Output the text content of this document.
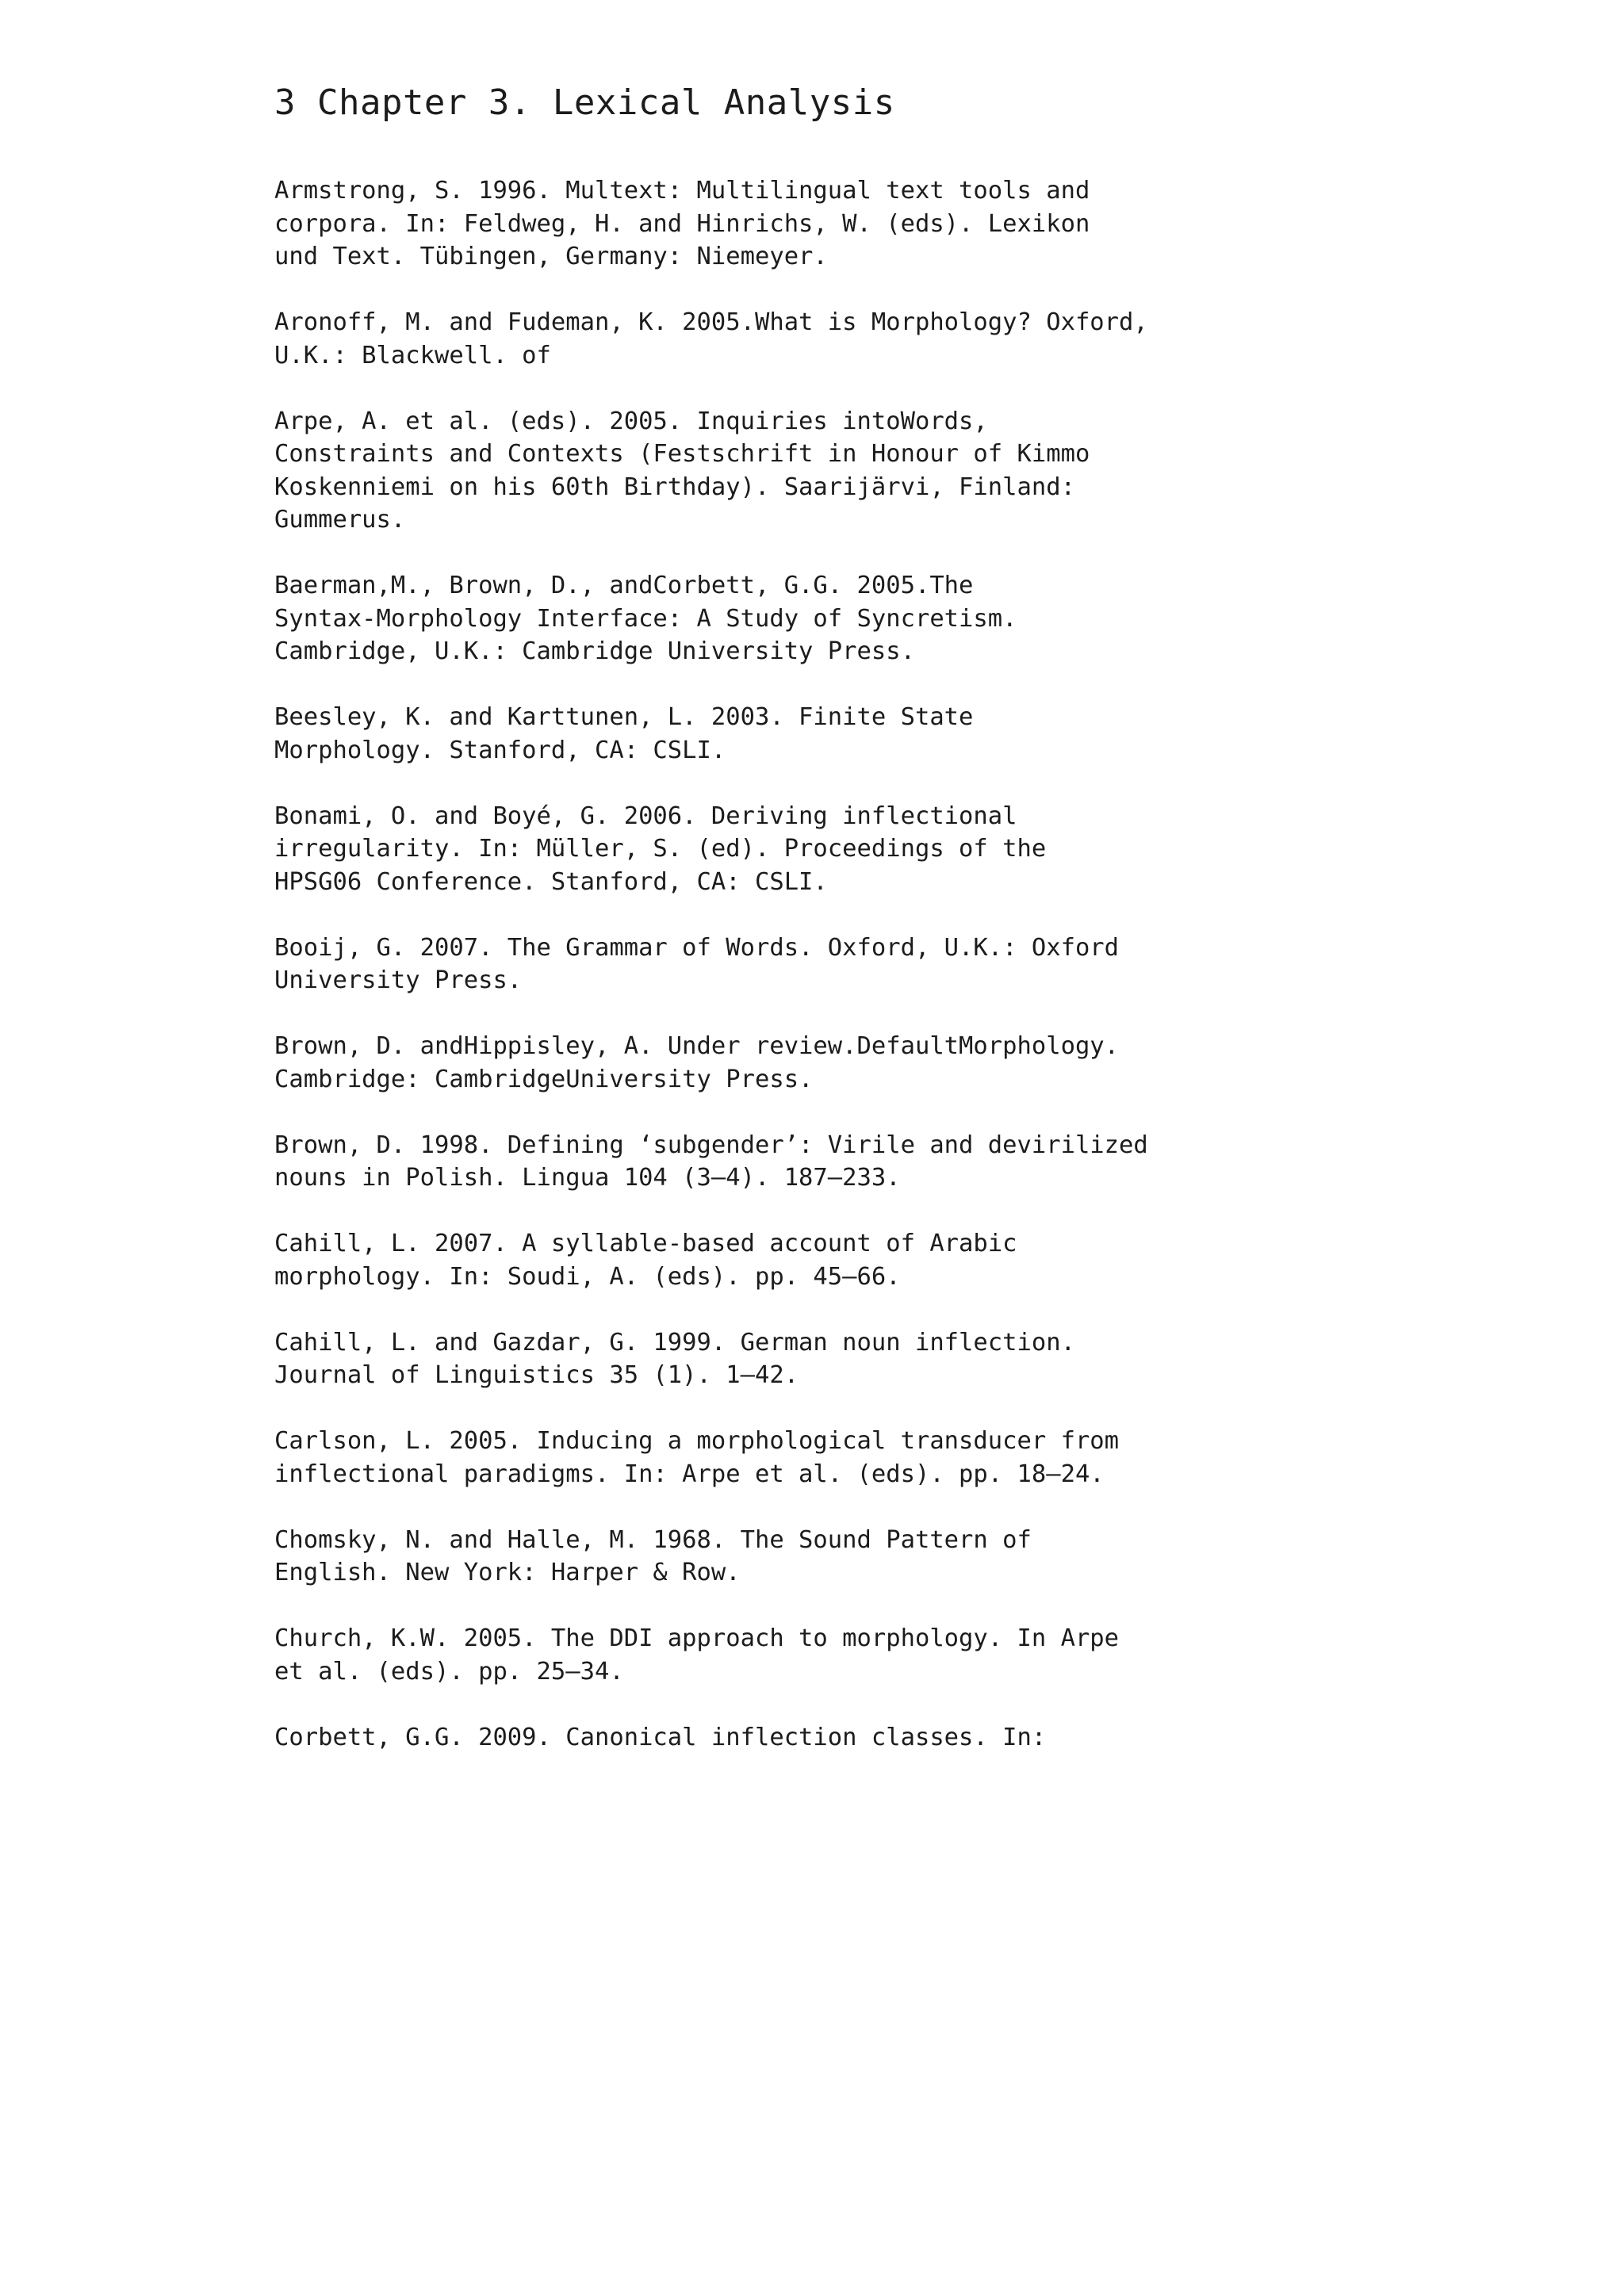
3 Chapter 3. Lexical Analysis
Armstrong, S. 1996. Multext: Multilingual text tools and
corpora. In: Feldweg, H. and Hinrichs, W. (eds). Lexikon
und Text. Tübingen, Germany: Niemeyer.
Aronoff, M. and Fudeman, K. 2005.What is Morphology? Oxford,
U.K.: Blackwell. of
Arpe, A. et al. (eds). 2005. Inquiries intoWords,
Constraints and Contexts (Festschrift in Honour of Kimmo
Koskenniemi on his 60th Birthday). Saarijärvi, Finland:
Gummerus.
Baerman,M., Brown, D., andCorbett, G.G. 2005.The
Syntax-Morphology Interface: A Study of Syncretism.
Cambridge, U.K.: Cambridge University Press.
Beesley, K. and Karttunen, L. 2003. Finite State
Morphology. Stanford, CA: CSLI.
Bonami, O. and Boyé, G. 2006. Deriving inflectional
irregularity. In: Müller, S. (ed). Proceedings of the
HPSG06 Conference. Stanford, CA: CSLI.
Booij, G. 2007. The Grammar of Words. Oxford, U.K.: Oxford
University Press.
Brown, D. andHippisley, A. Under review.DefaultMorphology.
Cambridge: CambridgeUniversity Press.
Brown, D. 1998. Defining ‘subgender’: Virile and devirilized
nouns in Polish. Lingua 104 (3–4). 187–233.
Cahill, L. 2007. A syllable-based account of Arabic
morphology. In: Soudi, A. (eds). pp. 45–66.
Cahill, L. and Gazdar, G. 1999. German noun inflection.
Journal of Linguistics 35 (1). 1–42.
Carlson, L. 2005. Inducing a morphological transducer from
inflectional paradigms. In: Arpe et al. (eds). pp. 18–24.
Chomsky, N. and Halle, M. 1968. The Sound Pattern of
English. New York: Harper & Row.
Church, K.W. 2005. The DDI approach to morphology. In Arpe
et al. (eds). pp. 25–34.
Corbett, G.G. 2009. Canonical inflection classes. In:
